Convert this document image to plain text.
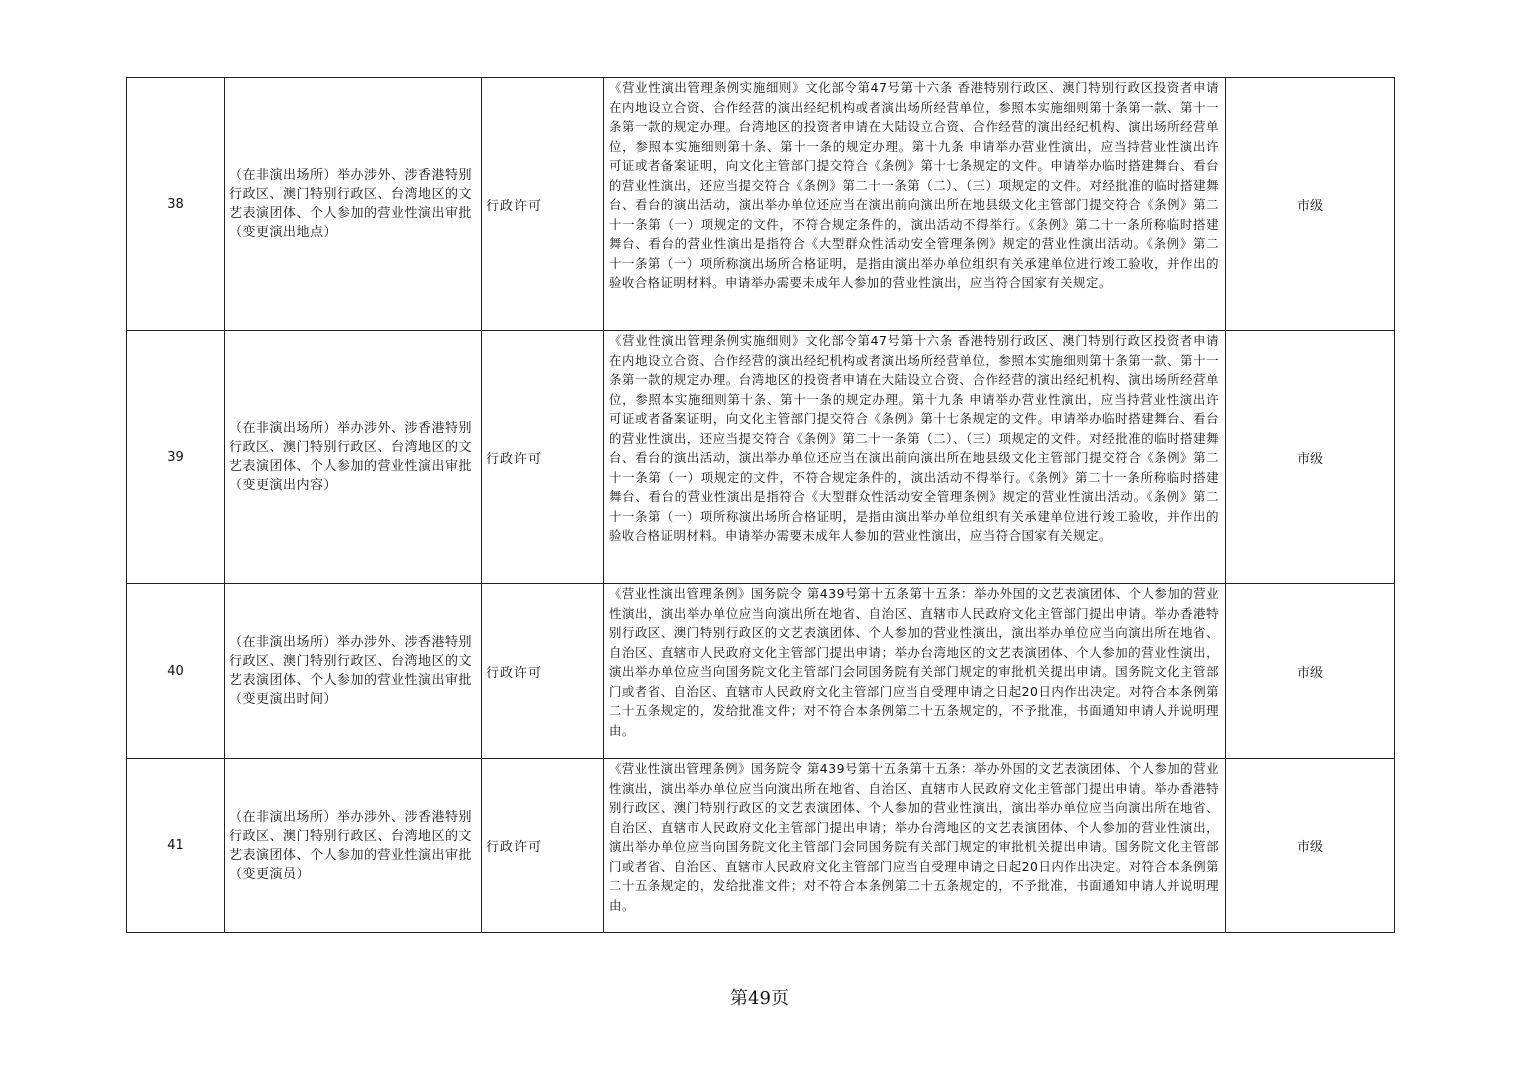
38	（在非演出场所）举办涉外、涉香港特别行政区、澳门特别行政区、台湾地区的文艺表演团体、个人参加的营业性演出审批（变更演出地点）	行政许可	《营业性演出管理条例实施细则》文化部令第47号第十六条 香港特别行政区、澳门特别行政区投资者申请在内地设立合资、合作经营的演出经纪机构或者演出场所经营单位，参照本实施细则第十条第一款、第十一条第一款的规定办理。台湾地区的投资者申请在大陆设立合资、合作经营的演出经纪机构、演出场所经营单位，参照本实施细则第十条、第十一条的规定办理。第十九条 申请举办营业性演出，应当持营业性演出许可证或者备案证明，向文化主管部门提交符合《条例》第十七条规定的文件。申请举办临时搭建舞台、看台的营业性演出，还应当提交符合《条例》第二十一条第（二）、（三）项规定的文件。对经批准的临时搭建舞台、看台的演出活动，演出举办单位还应当在演出前向演出所在地县级文化主管部门提交符合《条例》第二十一条第（一）项规定的文件，不符合规定条件的，演出活动不得举行。《条例》第二十一条所称临时搭建舞台、看台的营业性演出是指符合《大型群众性活动安全管理条例》规定的营业性演出活动。《条例》第二十一条第（一）项所称演出场所合格证明，是指由演出举办单位组织有关承建单位进行竣工验收，并作出的验收合格证明材料。申请举办需要未成年人参加的营业性演出，应当符合国家有关规定。	市级
39	（在非演出场所）举办涉外、涉香港特别行政区、澳门特别行政区、台湾地区的文艺表演团体、个人参加的营业性演出审批（变更演出内容）	行政许可	《营业性演出管理条例实施细则》文化部令第47号第十六条 香港特别行政区、澳门特别行政区投资者申请在内地设立合资、合作经营的演出经纪机构或者演出场所经营单位，参照本实施细则第十条第一款、第十一条第一款的规定办理。台湾地区的投资者申请在大陆设立合资、合作经营的演出经纪机构、演出场所经营单位，参照本实施细则第十条、第十一条的规定办理。第十九条 申请举办营业性演出，应当持营业性演出许可证或者备案证明，向文化主管部门提交符合《条例》第十七条规定的文件。申请举办临时搭建舞台、看台的营业性演出，还应当提交符合《条例》第二十一条第（二）、（三）项规定的文件。对经批准的临时搭建舞台、看台的演出活动，演出举办单位还应当在演出前向演出所在地县级文化主管部门提交符合《条例》第二十一条第（一）项规定的文件，不符合规定条件的，演出活动不得举行。《条例》第二十一条所称临时搭建舞台、看台的营业性演出是指符合《大型群众性活动安全管理条例》规定的营业性演出活动。《条例》第二十一条第（一）项所称演出场所合格证明，是指由演出举办单位组织有关承建单位进行竣工验收，并作出的验收合格证明材料。申请举办需要未成年人参加的营业性演出，应当符合国家有关规定。	市级
40	（在非演出场所）举办涉外、涉香港特别行政区、澳门特别行政区、台湾地区的文艺表演团体、个人参加的营业性演出审批（变更演出时间）	行政许可	《营业性演出管理条例》国务院令 第439号第十五条第十五条：举办外国的文艺表演团体、个人参加的营业性演出，演出举办单位应当向演出所在地省、自治区、直辖市人民政府文化主管部门提出申请。举办香港特别行政区、澳门特别行政区的文艺表演团体、个人参加的营业性演出，演出举办单位应当向演出所在地省、自治区、直辖市人民政府文化主管部门提出申请；举办台湾地区的文艺表演团体、个人参加的营业性演出，演出举办单位应当向国务院文化主管部门会同国务院有关部门规定的审批机关提出申请。国务院文化主管部门或者省、自治区、直辖市人民政府文化主管部门应当自受理申请之日起20日内作出决定。对符合本条例第二十五条规定的，发给批准文件；对不符合本条例第二十五条规定的，不予批准，书面通知申请人并说明理由。	市级
41	（在非演出场所）举办涉外、涉香港特别行政区、澳门特别行政区、台湾地区的文艺表演团体、个人参加的营业性演出审批（变更演员）	行政许可	《营业性演出管理条例》国务院令 第439号第十五条第十五条：举办外国的文艺表演团体、个人参加的营业性演出，演出举办单位应当向演出所在地省、自治区、直辖市人民政府文化主管部门提出申请。举办香港特别行政区、澳门特别行政区的文艺表演团体、个人参加的营业性演出，演出举办单位应当向演出所在地省、自治区、直辖市人民政府文化主管部门提出申请；举办台湾地区的文艺表演团体、个人参加的营业性演出，演出举办单位应当向国务院文化主管部门会同国务院有关部门规定的审批机关提出申请。国务院文化主管部门或者省、自治区、直辖市人民政府文化主管部门应当自受理申请之日起20日内作出决定。对符合本条例第二十五条规定的，发给批准文件；对不符合本条例第二十五条规定的，不予批准，书面通知申请人并说明理由。	市级
第49页
